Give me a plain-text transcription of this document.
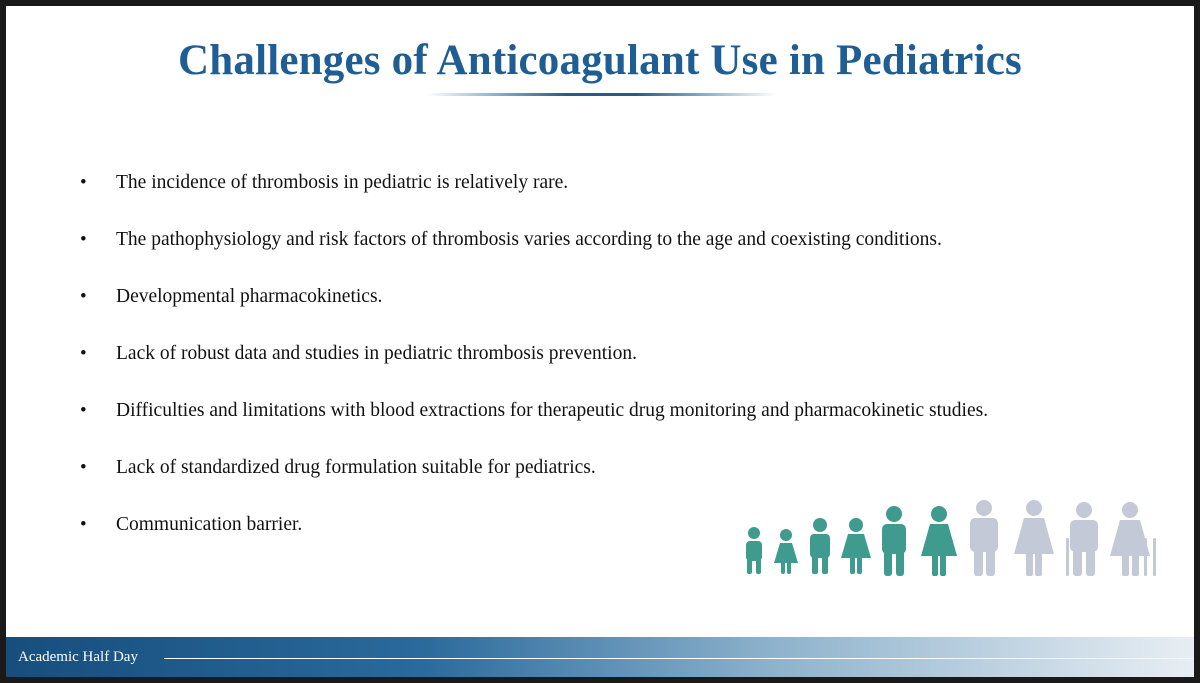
Challenges of Anticoagulant Use in Pediatrics
• The incidence of thrombosis in pediatric is relatively rare.
• The pathophysiology and risk factors of thrombosis varies according to the age and coexisting conditions.
• Developmental pharmacokinetics.
• Lack of robust data and studies in pediatric thrombosis prevention.
• Difficulties and limitations with blood extractions for therapeutic drug monitoring and pharmacokinetic studies.
• Lack of standardized drug formulation suitable for pediatrics.
• Communication barrier.
Academic Half Day
